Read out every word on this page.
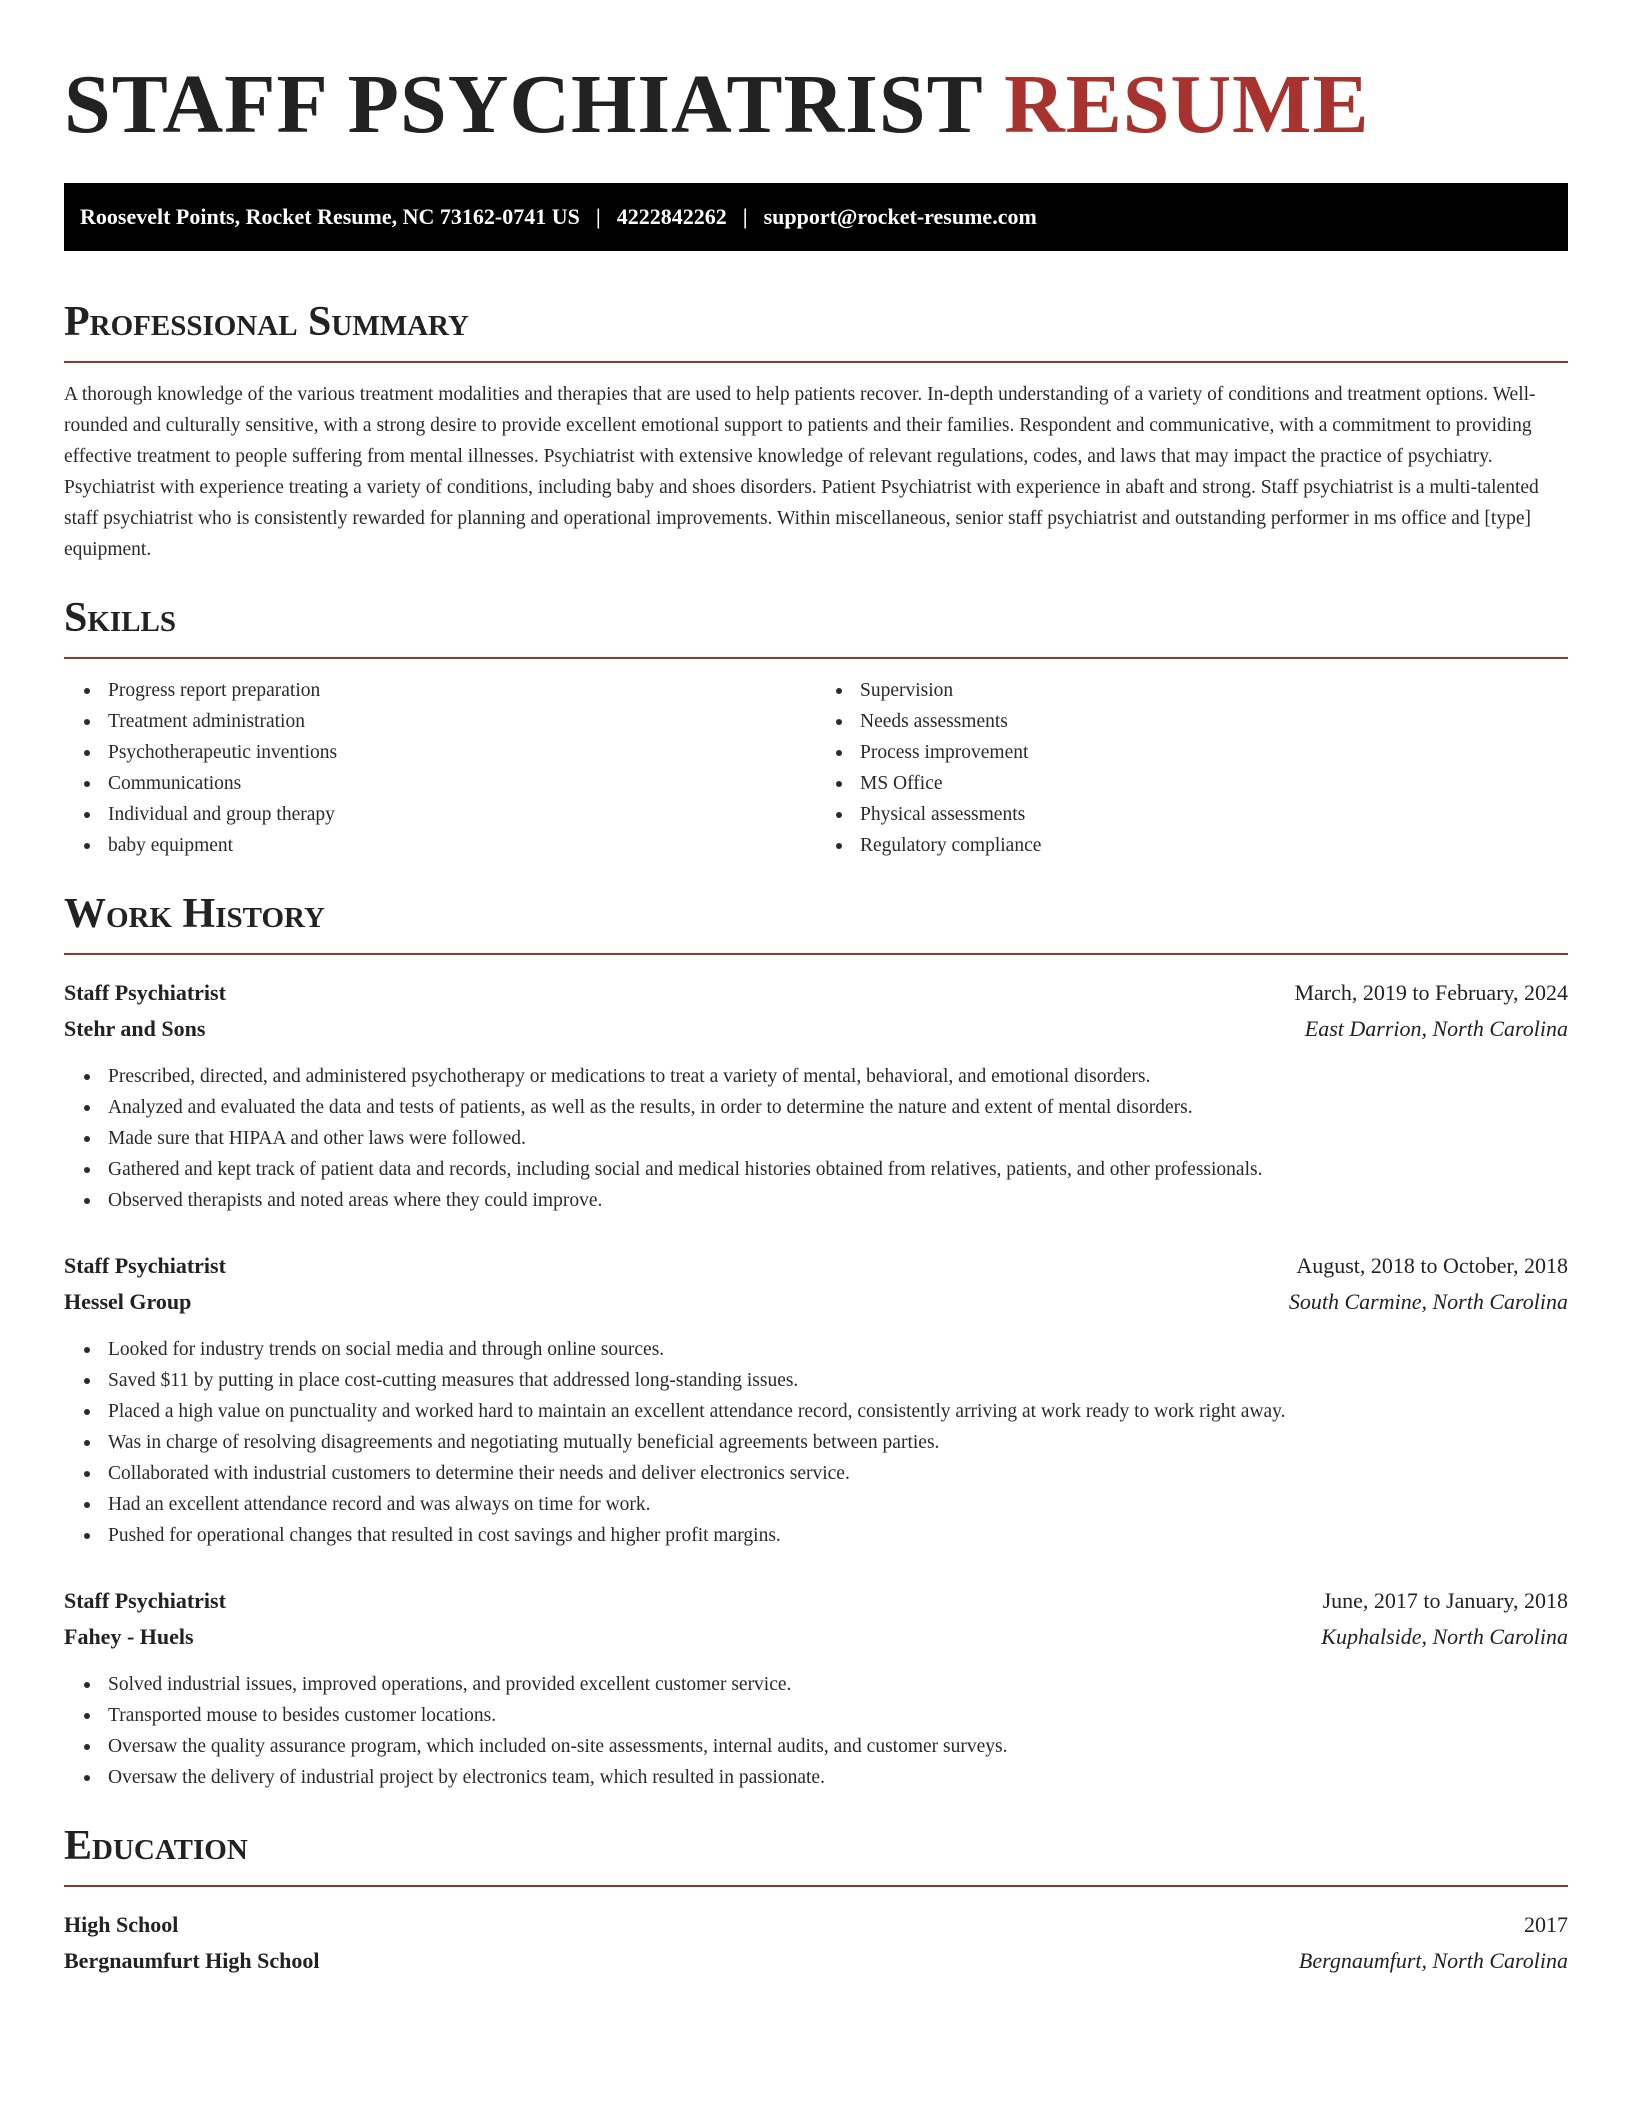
STAFF PSYCHIATRIST RESUME
Roosevelt Points, Rocket Resume, NC 73162-0741 US | 4222842262 | support@rocket-resume.com
Professional Summary

A thorough knowledge of the various treatment modalities and therapies that are used to help patients recover. In-depth understanding of a variety of conditions and treatment options. Well-rounded and culturally sensitive, with a strong desire to provide excellent emotional support to patients and their families. Respondent and communicative, with a commitment to providing effective treatment to people suffering from mental illnesses. Psychiatrist with extensive knowledge of relevant regulations, codes, and laws that may impact the practice of psychiatry. Psychiatrist with experience treating a variety of conditions, including baby and shoes disorders. Patient Psychiatrist with experience in abaft and strong. Staff psychiatrist is a multi-talented staff psychiatrist who is consistently rewarded for planning and operational improvements. Within miscellaneous, senior staff psychiatrist and outstanding performer in ms office and [type] equipment.

Skills
Progress report preparation
Treatment administration
Psychotherapeutic inventions
Communications
Individual and group therapy
baby equipment
Supervision
Needs assessments
Process improvement
MS Office
Physical assessments
Regulatory compliance
Work History
Staff Psychiatrist	March, 2019 to February, 2024
Stehr and Sons	East Darrion, North Carolina
Prescribed, directed, and administered psychotherapy or medications to treat a variety of mental, behavioral, and emotional disorders.
Analyzed and evaluated the data and tests of patients, as well as the results, in order to determine the nature and extent of mental disorders.
Made sure that HIPAA and other laws were followed.
Gathered and kept track of patient data and records, including social and medical histories obtained from relatives, patients, and other professionals.
Observed therapists and noted areas where they could improve.
Staff Psychiatrist	August, 2018 to October, 2018
Hessel Group	South Carmine, North Carolina
Looked for industry trends on social media and through online sources.
Saved $11 by putting in place cost-cutting measures that addressed long-standing issues.
Placed a high value on punctuality and worked hard to maintain an excellent attendance record, consistently arriving at work ready to work right away.
Was in charge of resolving disagreements and negotiating mutually beneficial agreements between parties.
Collaborated with industrial customers to determine their needs and deliver electronics service.
Had an excellent attendance record and was always on time for work.
Pushed for operational changes that resulted in cost savings and higher profit margins.
Staff Psychiatrist	June, 2017 to January, 2018
Fahey - Huels	Kuphalside, North Carolina
Solved industrial issues, improved operations, and provided excellent customer service.
Transported mouse to besides customer locations.
Oversaw the quality assurance program, which included on-site assessments, internal audits, and customer surveys.
Oversaw the delivery of industrial project by electronics team, which resulted in passionate.
Education
High School	2017
Bergnaumfurt High School	Bergnaumfurt, North Carolina
